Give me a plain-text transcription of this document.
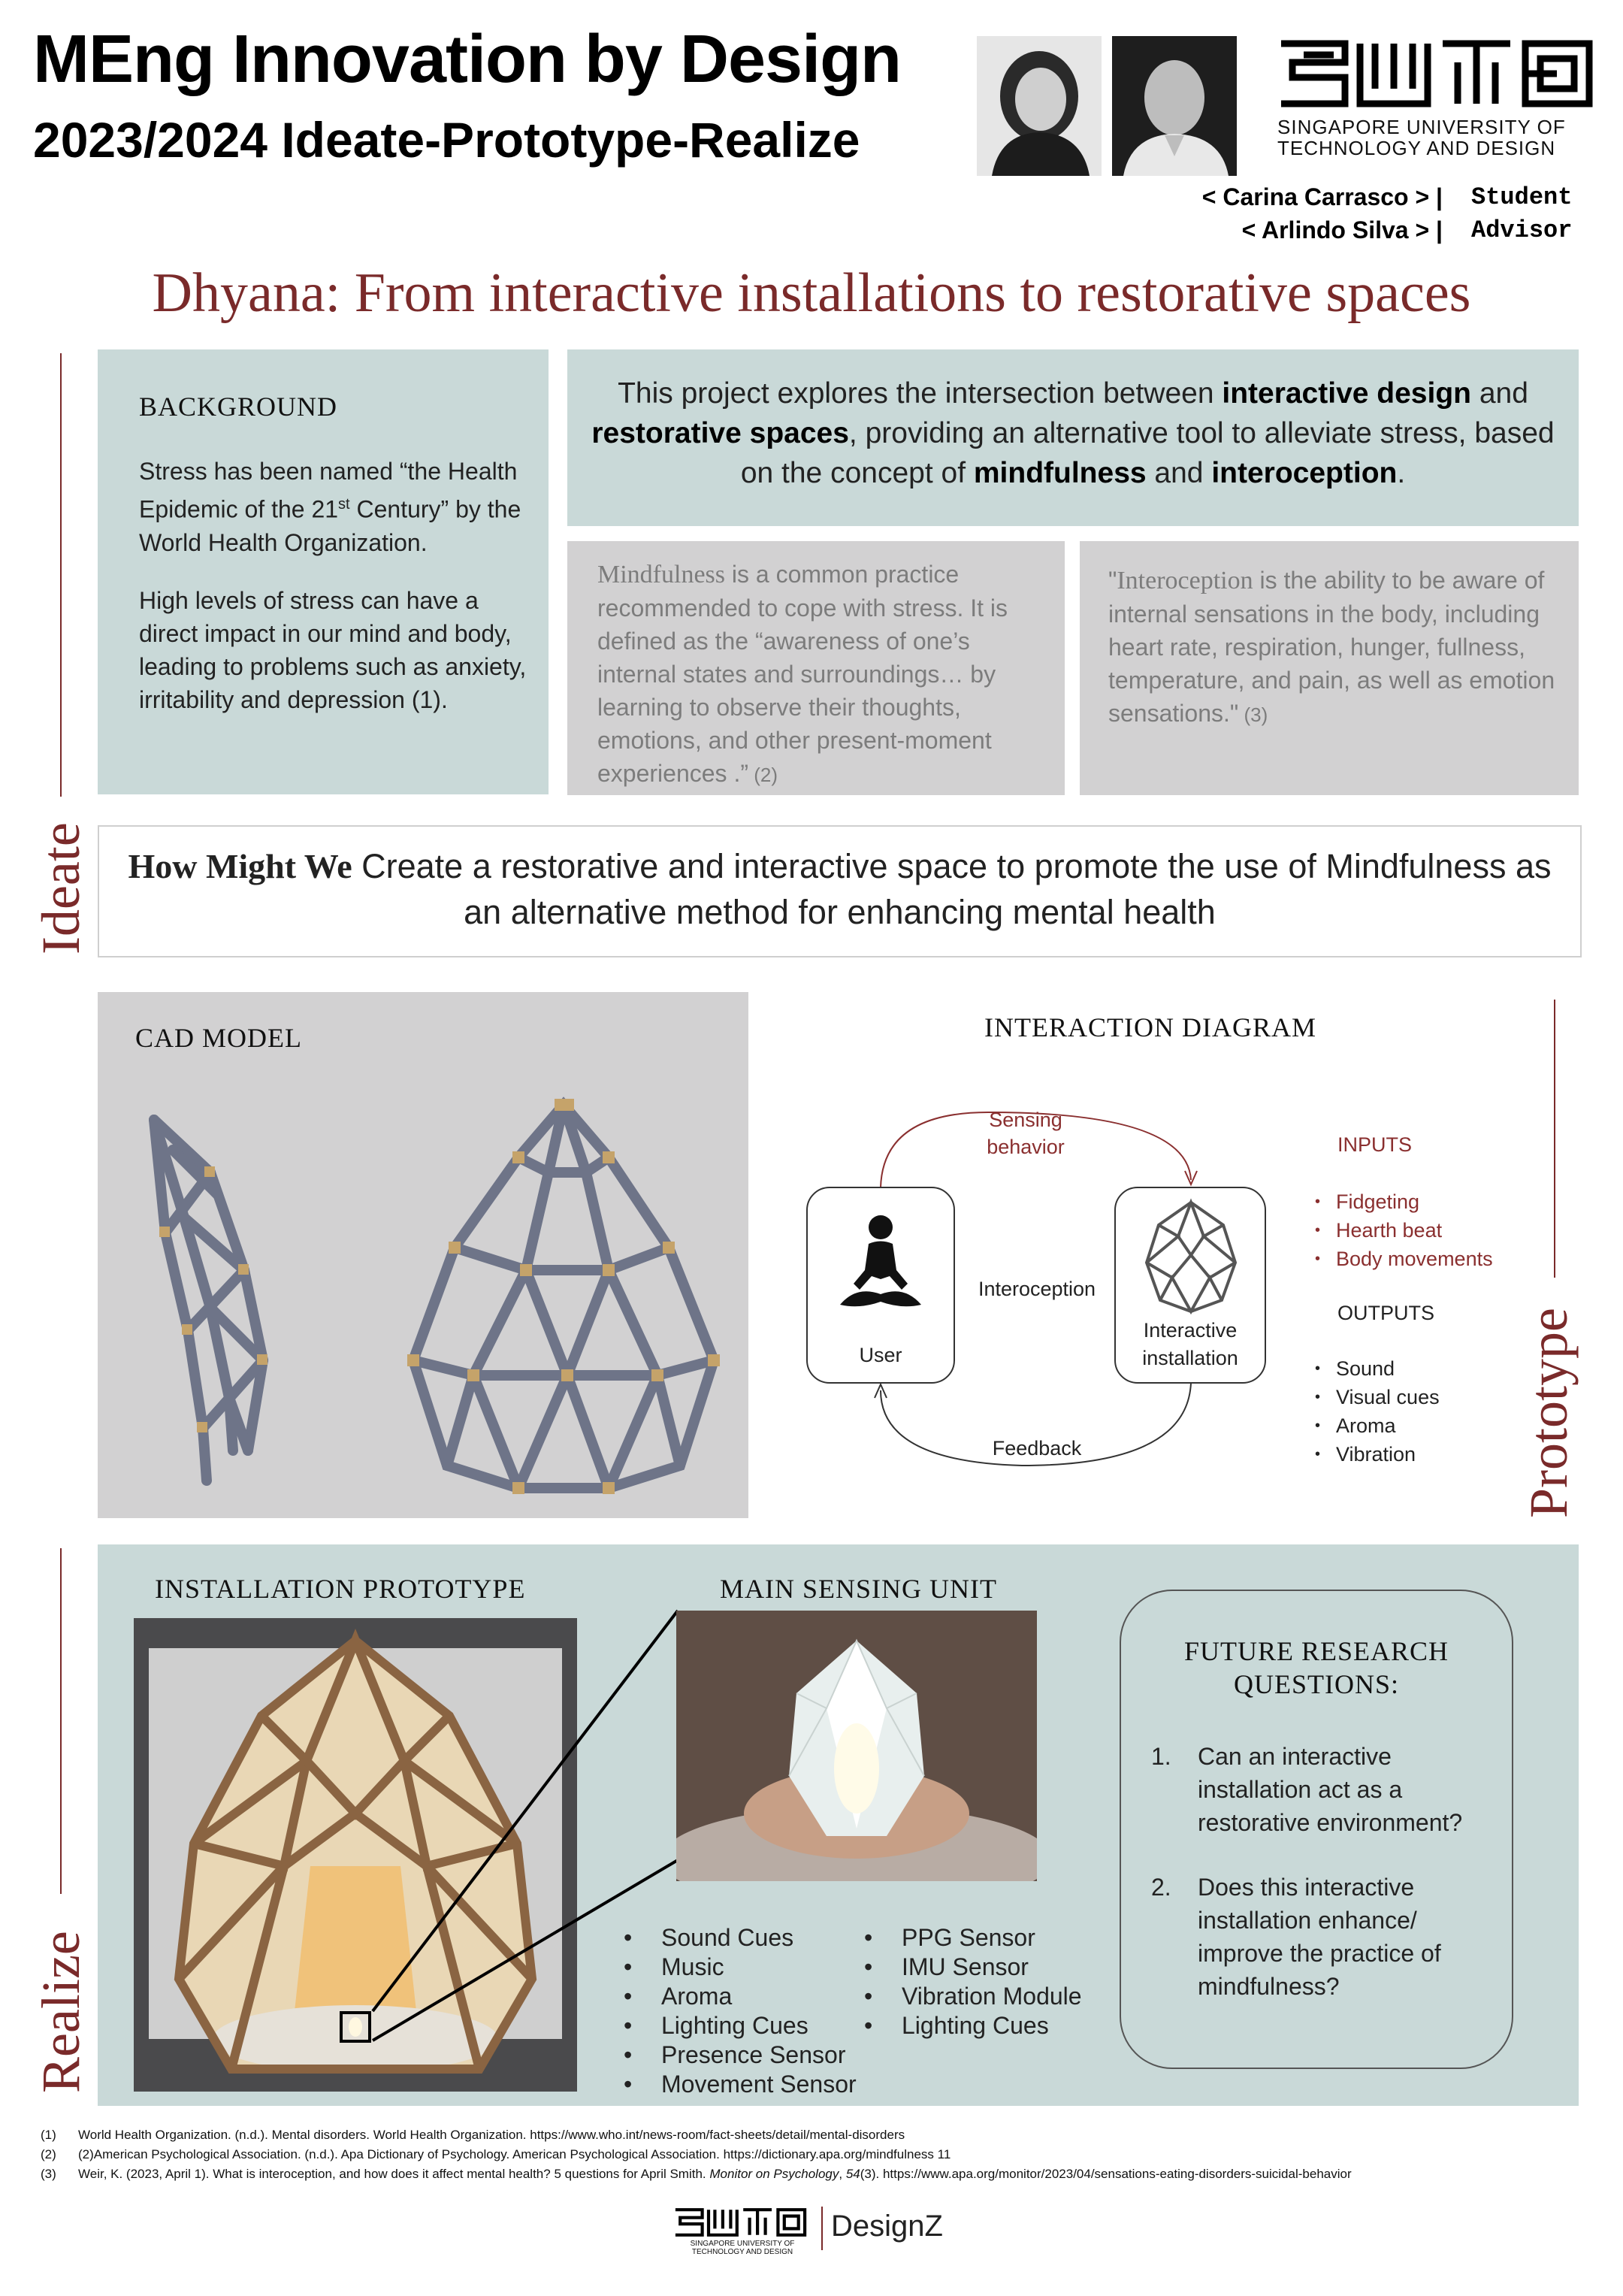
MEng Innovation by Design
2023/2024 Ideate-Prototype-Realize	SINGAPORE UNIVERSITY OF
TECHNOLOGY AND DESIGN
< Carina Carrasco > | Student
< Arlindo Silva > | Advisor
Dhyana: From interactive installations to restorative spaces
Ideate
BACKGROUND
Stress has been named “the Health Epidemic of the 21st Century” by the World Health Organization.
High levels of stress can have a direct impact in our mind and body, leading to problems such as anxiety, irritability and depression (1).
This project explores the intersection between interactive design and restorative spaces, providing an alternative tool to alleviate stress, based on the concept of mindfulness and interoception.
Mindfulness is a common practice recommended to cope with stress. It is defined as the “awareness of one’s internal states and surroundings… by learning to observe their thoughts, emotions, and other present-moment experiences .” (2)
"Interoception is the ability to be aware of internal sensations in the body, including heart rate, respiration, hunger, fullness, temperature, and pain, as well as emotion sensations." (3)
How Might We Create a restorative and interactive space to promote the use of Mindfulness as an alternative method for enhancing mental health
CAD MODEL	INTERACTION DIAGRAM
Sensing
behavior
User
Interoception
Interactive
installation
Feedback
INPUTS
• Fidgeting
• Hearth beat
• Body movements
OUTPUTS
• Sound
• Visual cues
• Aroma
• Vibration	Prototype
Realize
INSTALLATION PROTOTYPE	MAIN SENSING UNIT
• Sound Cues
• Music
• Aroma
• Lighting Cues
• Presence Sensor
• Movement Sensor
• PPG Sensor
• IMU Sensor
• Vibration Module
• Lighting Cues
FUTURE RESEARCH
QUESTIONS:
1. Can an interactive installation act as a restorative environment?
2. Does this interactive installation enhance/ improve the practice of mindfulness?
(1) World Health Organization. (n.d.). Mental disorders. World Health Organization. https://www.who.int/news-room/fact-sheets/detail/mental-disorders
(2) (2)American Psychological Association. (n.d.). Apa Dictionary of Psychology. American Psychological Association. https://dictionary.apa.org/mindfulness 11
(3) Weir, K. (2023, April 1). What is interoception, and how does it affect mental health? 5 questions for April Smith. Monitor on Psychology, 54(3). https://www.apa.org/monitor/2023/04/sensations-eating-disorders-suicidal-behavior
SINGAPORE UNIVERSITY OF
TECHNOLOGY AND DESIGN
DesignZ
